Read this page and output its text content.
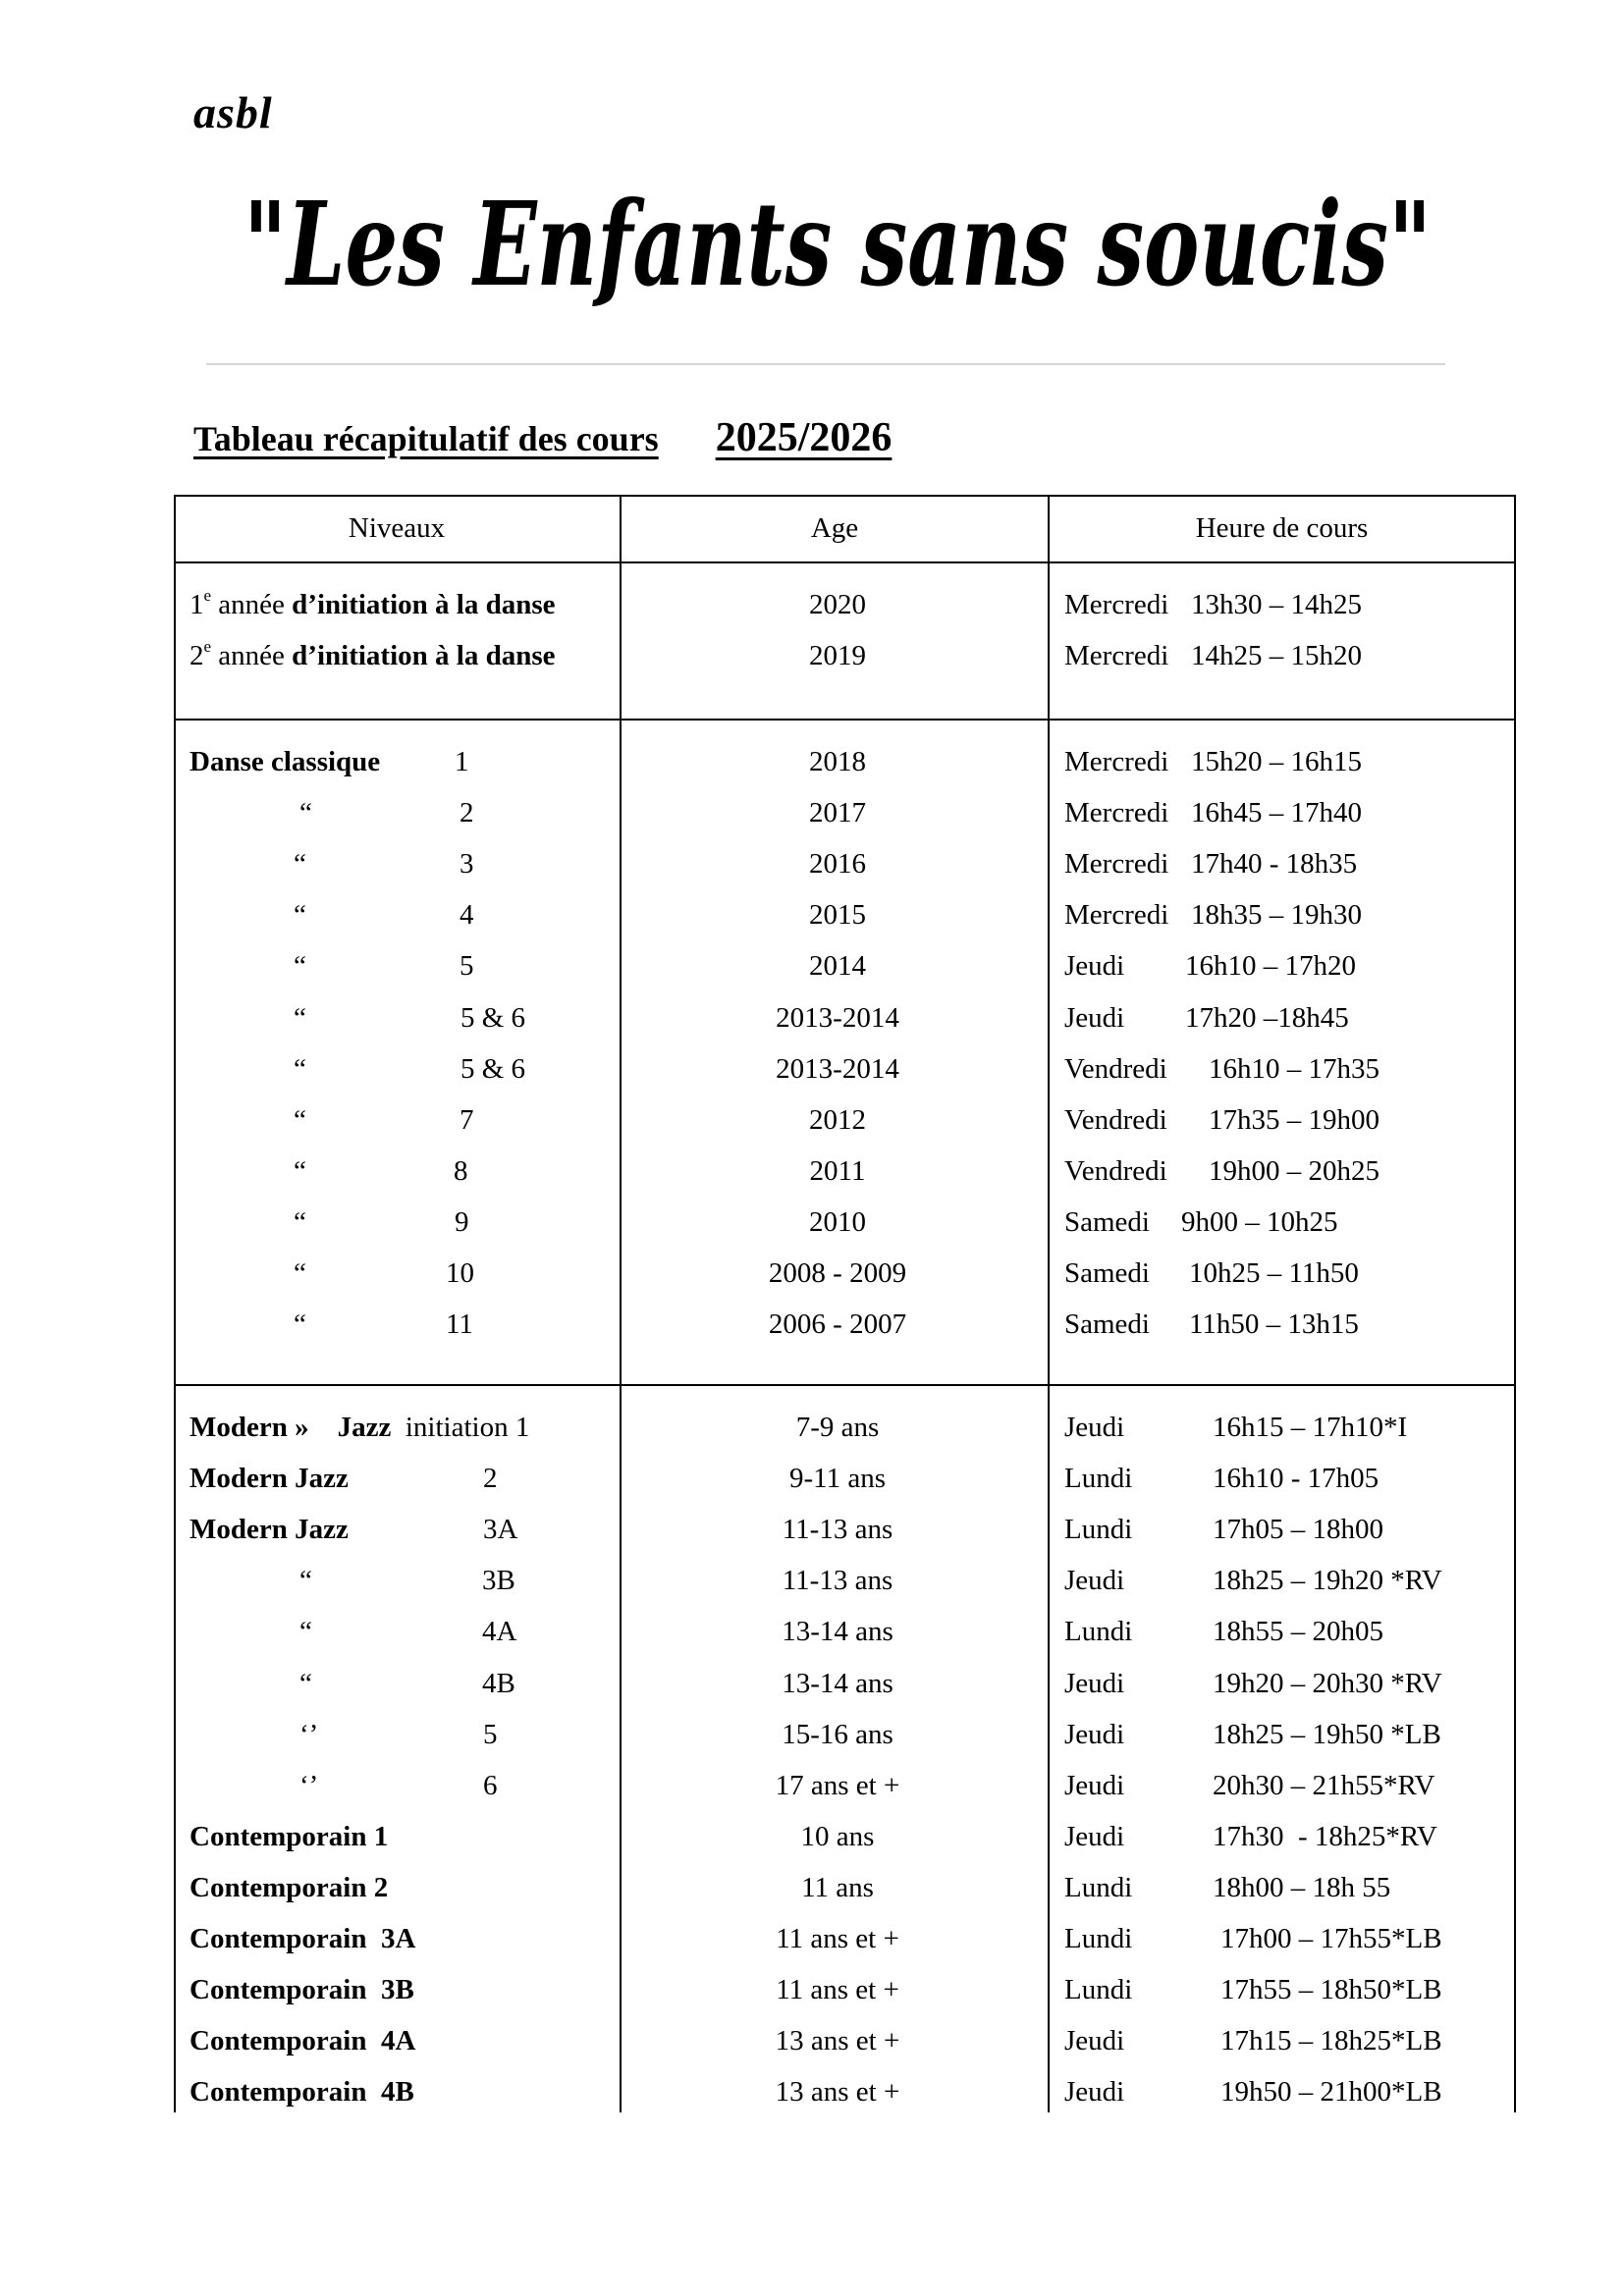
asbl
"Les Enfants sans soucis"
Tableau récapitulatif des cours 2025/2026
Niveaux	Age	Heure de cours
1e année d’initiation à la danse	2020	Mercredi 13h30 – 14h25
2e année d’initiation à la danse	2019	Mercredi 14h25 – 15h20
Danse classique	1	2018	Mercredi 15h20 – 16h15
“	2	2017	Mercredi 16h45 – 17h40
“	3	2016	Mercredi 17h40 - 18h35
“	4	2015	Mercredi 18h35 – 19h30
“	5	2014	Jeudi 16h10 – 17h20
“	5 & 6	2013-2014	Jeudi 17h20 –18h45
“	5 & 6	2013-2014	Vendredi 16h10 – 17h35
“	7	2012	Vendredi 17h35 – 19h00
“	8	2011	Vendredi 19h00 – 20h25
“	9	2010	Samedi 9h00 – 10h25
“	10	2008 - 2009	Samedi 10h25 – 11h50
“	11	2006 - 2007	Samedi 11h50 – 13h15
Modern »    Jazz  initiation 1	7-9 ans	Jeudi	16h15 – 17h10*I
Modern Jazz	2	9-11 ans	Lundi	16h10 - 17h05
Modern Jazz	3A	11-13 ans	Lundi	17h05 – 18h00
“	3B	11-13 ans	Jeudi	18h25 – 19h20 *RV
“	4A	13-14 ans	Lundi	18h55 – 20h05
“	4B	13-14 ans	Jeudi	19h20 – 20h30 *RV
‘’	5	15-16 ans	Jeudi	18h25 – 19h50 *LB
‘’	6	17 ans et +	Jeudi	20h30 – 21h55*RV
Contemporain 1	10 ans	Jeudi	17h30  - 18h25*RV
Contemporain 2	11 ans	Lundi	18h00 – 18h 55
Contemporain  3A	11 ans et +	Lundi	17h00 – 17h55*LB
Contemporain  3B	11 ans et +	Lundi	17h55 – 18h50*LB
Contemporain  4A	13 ans et +	Jeudi	17h15 – 18h25*LB
Contemporain  4B	13 ans et +	Jeudi	19h50 – 21h00*LB
